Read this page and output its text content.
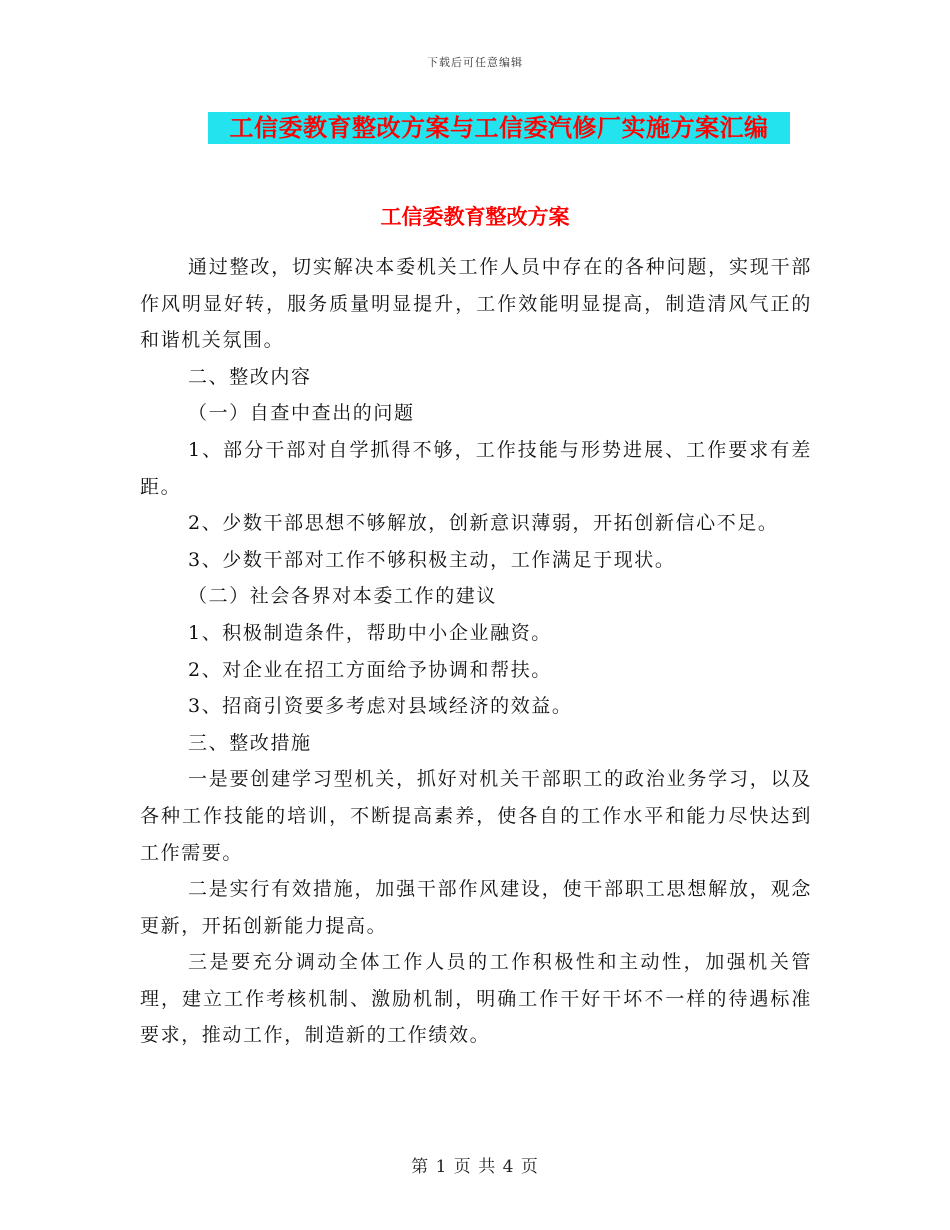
下载后可任意编辑
工信委教育整改方案与工信委汽修厂实施方案汇编
工信委教育整改方案

通过整改，切实解决本委机关工作人员中存在的各种问题，实现干部作风明显好转，服务质量明显提升，工作效能明显提高，制造清风气正的和谐机关氛围。

二、整改内容

（一）自查中查出的问题

1、部分干部对自学抓得不够，工作技能与形势进展、工作要求有差距。

2、少数干部思想不够解放，创新意识薄弱，开拓创新信心不足。

3、少数干部对工作不够积极主动，工作满足于现状。

（二）社会各界对本委工作的建议

1、积极制造条件，帮助中小企业融资。

2、对企业在招工方面给予协调和帮扶。

3、招商引资要多考虑对县域经济的效益。

三、整改措施

一是要创建学习型机关，抓好对机关干部职工的政治业务学习，以及各种工作技能的培训，不断提高素养，使各自的工作水平和能力尽快达到工作需要。

二是实行有效措施，加强干部作风建设，使干部职工思想解放，观念更新，开拓创新能力提高。

三是要充分调动全体工作人员的工作积极性和主动性，加强机关管理，建立工作考核机制、激励机制，明确工作干好干坏不一样的待遇标准要求，推动工作，制造新的工作绩效。

第 1 页 共 4 页
